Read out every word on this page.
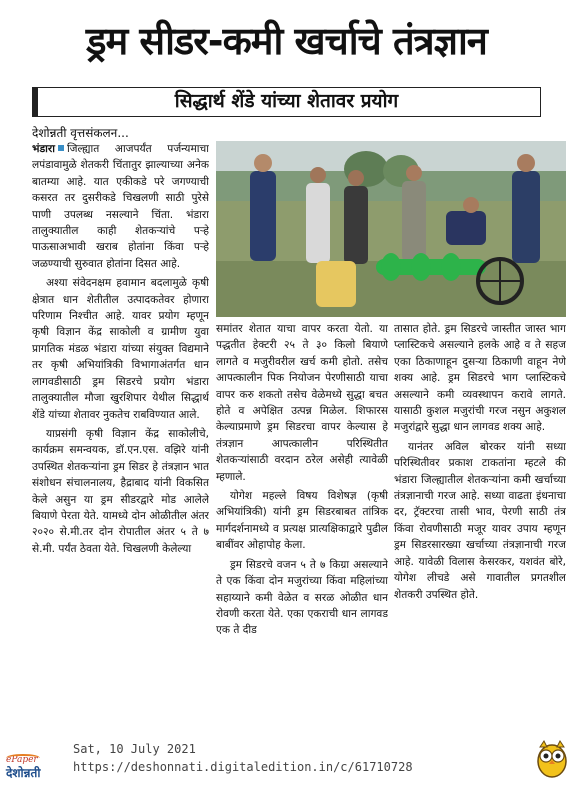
ड्रम सीडर-कमी खर्चाचे तंत्रज्ञान
सिद्धार्थ शेंडे यांच्या शेतावर प्रयोग
देशोन्नती वृत्तसंकलन...

भंडारा जिल्ह्यात आजपर्यंत पर्जन्यमाचा लपंडावामुळे शेतकरी चिंतातुर झाल्याच्या अनेक बातम्या आहे. यात एकीकडे परे जगण्याची कसरत तर दुसरीकडे चिखलणी साठी पुरेसे पाणी उपलब्ध नसल्याने चिंता. भंडारा तालुक्यातील काही शेतकऱ्यांचे पऱ्हे पाऊसाअभावी खराब होतांना किंवा पऱ्हे जळण्याची सुरुवात होतांना दिसत आहे.

अश्या संवेदनक्षम हवामान बदलामुळे कृषी क्षेत्रात धान शेतीतील उत्पादकतेवर होणारा परिणाम निश्चीत आहे. यावर प्रयोग म्हणून कृषी विज्ञान केंद्र साकोली व ग्रामीण युवा प्रागतिक मंडळ भंडारा यांच्या संयुक्त विद्यमाने तर कृषी अभियांत्रिकी विभागाअंतर्गत धान लागवडीसाठी ड्रम सिडरचे प्रयोग भंडारा तालुक्यातील मौजा खुरशिपार येथील सिद्धार्थ शेंडे यांच्या शेतावर नुकतेच राबविण्यात आले.

याप्रसंगी कृषी विज्ञान केंद्र साकोलीचे, कार्यक्रम समन्वयक, डॉ.एन.एस. वझिरे यांनी उपस्थित शेतकऱ्यांना ड्रम सिडर हे तंत्रज्ञान भात संशोधन संचालनालय, हैद्राबाद यांनी विकसित केले असुन या ड्रम सीडरद्वारे मोड आलेले बियाणे पेरता येते. यामध्ये दोन ओळीतील अंतर २०२० से.मी.तर दोन रोपातील अंतर ५ ते ७ से.मी. पर्यंत ठेवता येते. चिखलणी केलेल्या

समांतर शेतात याचा वापर करता येतो. या पद्धतीत हेक्टरी २५ ते ३० किलो बियाणे लागते व मजुरीवरील खर्च कमी होतो. तसेच आपत्कालीन पिक नियोजन पेरणीसाठी याचा वापर करु शकतो तसेच वेळेमध्ये सुद्धा बचत होते व अपेक्षित उत्पन्न मिळेल. शिफारस केल्याप्रमाणे ड्रम सिडरचा वापर केल्यास हे तंत्रज्ञान आपत्कालीन परिस्थितीत शेतकऱ्यांसाठी वरदान ठरेल असेही त्यावेळी म्हणाले.

योगेश महल्ले विषय विशेषज्ञ (कृषी अभियांत्रिकी) यांनी ड्रम सिडरबाबत तांत्रिक मार्गदर्शनामध्ये व प्रत्यक्ष प्रात्यक्षिकाद्वारे पुढील बाबींवर ओहापोह केला.

ड्रम सिडरचे वजन ५ ते ७ किग्रा असल्याने ते एक किंवा दोन मजुरांच्या किंवा महिलांच्या सहाय्याने कमी वेळेत व सरळ ओळीत धान रोवणी करता येते. एका एकराची धान लागवड एक ते दीड

तासात होते. ड्रम सिडरचे जास्तीत जास्त भाग प्लास्टिकचे असल्याने हलके आहे व ते सहज एका ठिकाणाहून दुसऱ्या ठिकाणी वाहून नेणे शक्य आहे. ड्रम सिडरचे भाग प्लास्टिकचे असल्याने कमी व्यवस्थापन करावे लागते. यासाठी कुशल मजुरांची गरज नसुन अकुशल मजुरांद्वारे सुद्धा धान लागवड शक्य आहे.

यानंतर अविल बोरकर यांनी सध्या परिस्थितीवर प्रकाश टाकतांना म्हटले की भंडारा जिल्ह्यातील शेतकऱ्यांना कमी खर्चाच्या तंत्रज्ञानाची गरज आहे. सध्या वाढता इंधनाचा दर, ट्रॅक्टरचा तासी भाव, पेरणी साठी तंत्र किंवा रोवणीसाठी मजूर यावर उपाय म्हणून ड्रम सिडरसारख्या खर्चाच्या तंत्रज्ञानाची गरज आहे. यावेळी विलास केसरकर, यशवंत बोरे, योगेश लीचडे असे गावातील प्रगतशील शेतकरी उपस्थित होते.

ePaper
देशोन्नती
Sat, 10 July 2021
https://deshonnati.digitaledition.in/c/61710728
